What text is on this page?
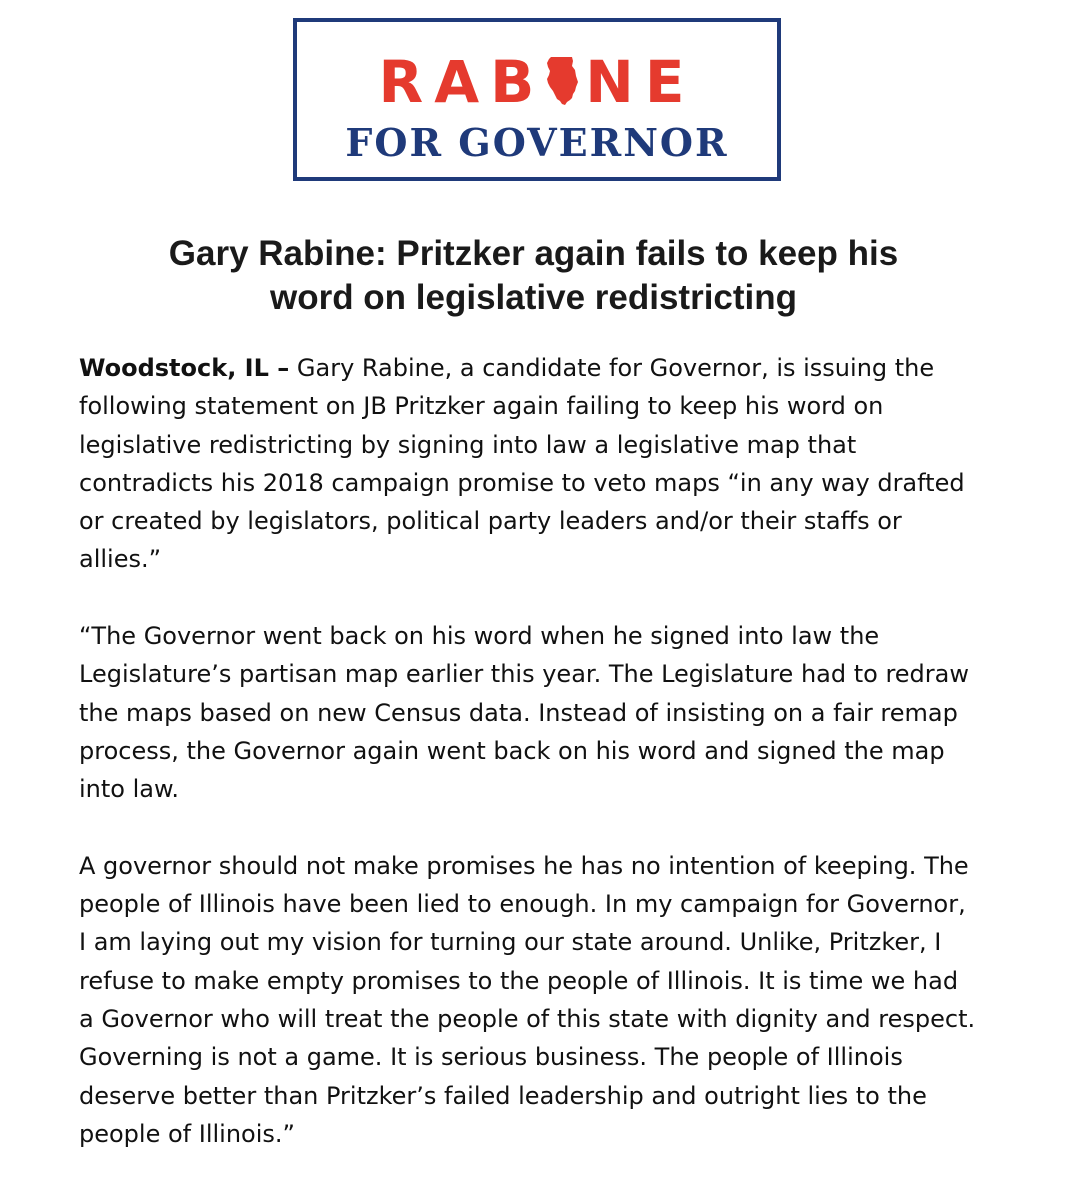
RAB NE
FOR GOVERNOR
Gary Rabine: Pritzker again fails to keep his
word on legislative redistricting

Woodstock, IL – Gary Rabine, a candidate for Governor, is issuing the following statement on JB Pritzker again failing to keep his word on legislative redistricting by signing into law a legislative map that contradicts his 2018 campaign promise to veto maps “in any way drafted or created by legislators, political party leaders and/or their staffs or allies.”

“The Governor went back on his word when he signed into law the Legislature’s partisan map earlier this year. The Legislature had to redraw the maps based on new Census data. Instead of insisting on a fair remap process, the Governor again went back on his word and signed the map into law.

A governor should not make promises he has no intention of keeping. The people of Illinois have been lied to enough. In my campaign for Governor, I am laying out my vision for turning our state around. Unlike, Pritzker, I refuse to make empty promises to the people of Illinois. It is time we had a Governor who will treat the people of this state with dignity and respect. Governing is not a game. It is serious business. The people of Illinois deserve better than Pritzker’s failed leadership and outright lies to the people of Illinois.”
